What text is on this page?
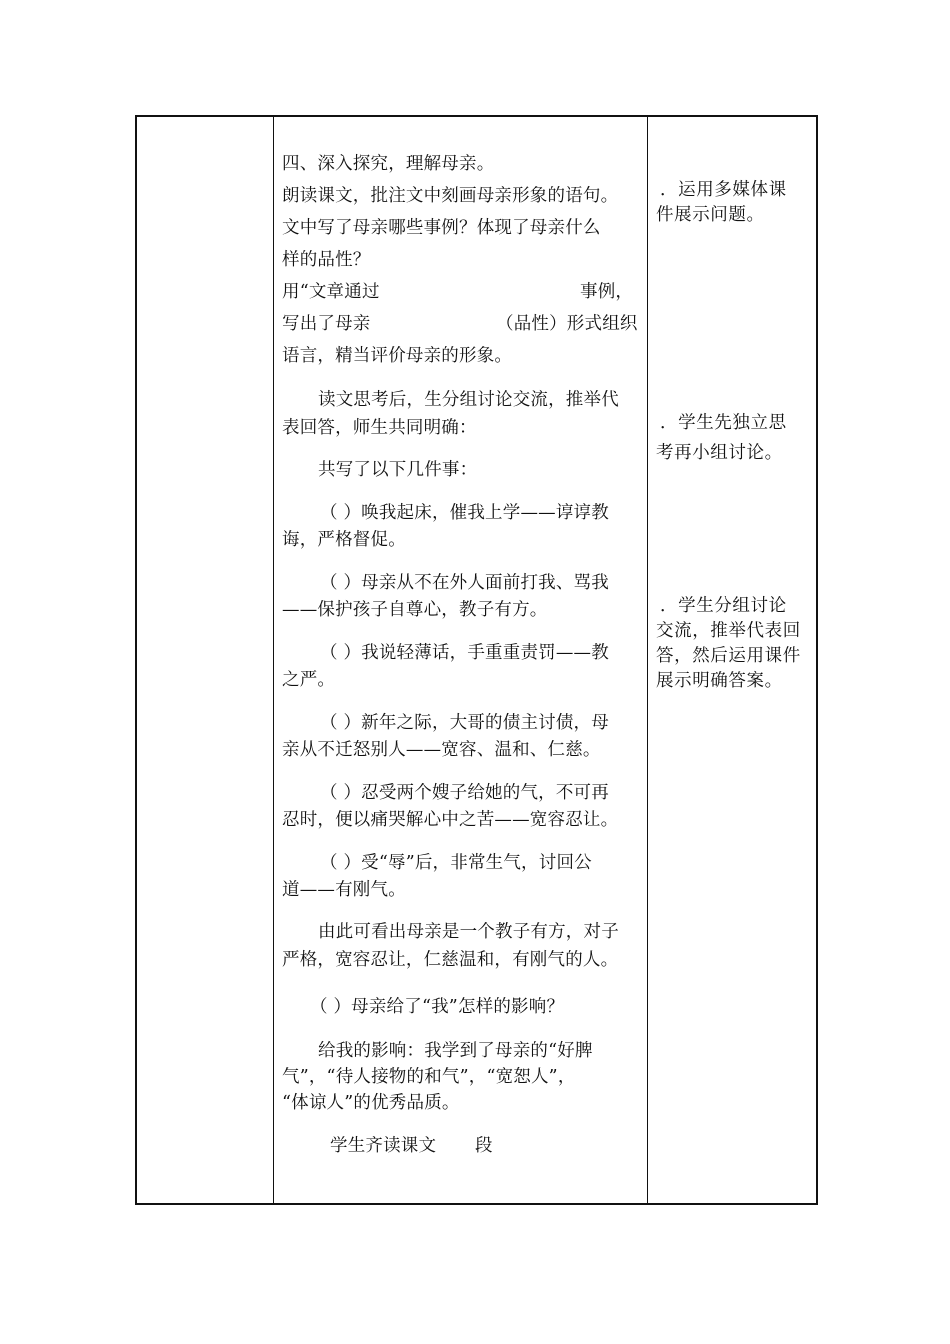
四、深入探究，理解母亲。
朗读课文，批注文中刻画母亲形象的语句。
文中写了母亲哪些事例？体现了母亲什么
样的品性？
用“文章通过	事例，
写出了母亲	（品性）形式组织
语言，精当评价母亲的形象。
读文思考后，生分组讨论交流，推举代
表回答，师生共同明确：
共写了以下几件事：
（ ）唤我起床，催我上学——谆谆教
诲，严格督促。
（ ）母亲从不在外人面前打我、骂我
——保护孩子自尊心，教子有方。
（ ）我说轻薄话，手重重责罚——教
之严。
（ ）新年之际，大哥的债主讨债，母
亲从不迁怒别人——宽容、温和、仁慈。
（ ）忍受两个嫂子给她的气，不可再
忍时，便以痛哭解心中之苦——宽容忍让。
（ ）受“辱”后，非常生气，讨回公
道——有刚气。
由此可看出母亲是一个教子有方，对子
严格，宽容忍让，仁慈温和，有刚气的人。
（ ）母亲给了“我”怎样的影响？
给我的影响：我学到了母亲的“好脾
气”，“待人接物的和气”，“宽恕人”，
“体谅人”的优秀品质。
学生齐读课文 段
．运用多媒体课
件展示问题。
．学生先独立思
考再小组讨论。
．学生分组讨论
交流，推举代表回
答，然后运用课件
展示明确答案。
